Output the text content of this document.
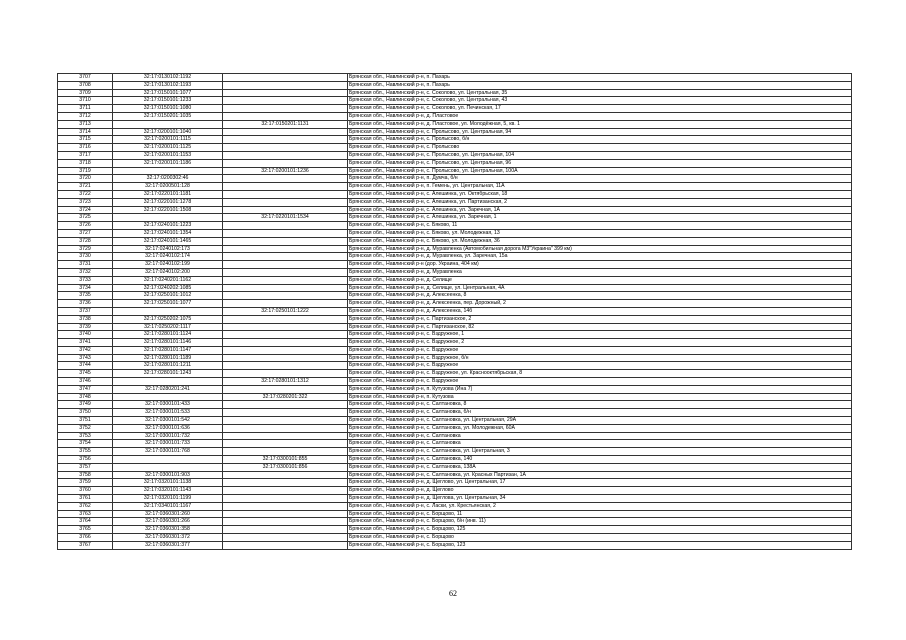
3707	32:17:0130102:1192		Брянская обл., Навлинский р-н, п. Пахарь
3708	32:17:0130102:1193		Брянская обл., Навлинский р-н, п. Пахарь
3709	32:17:0150101:1077		Брянская обл., Навлинский р-н, с. Соколово, ул. Центральная, 35
3710	32:17:0150101:1233		Брянская обл., Навлинский р-н, с. Соколово, ул. Центральная, 43
3711	32:17:0150101:1080		Брянская обл., Навлинский р-н, с. Соколово, ул. Печинская, 17
3712	32:17:0150201:1035		Брянская обл., Навлинский р-н, д. Пластовое
3713		32:17:0150201:1131	Брянская обл., Навлинский р-н, д. Пластовое, ул. Молодёжная, 5, кв. 1
3714	32:17:0200101:1040		Брянская обл., Навлинский р-н, с. Пролысово, ул. Центральная, 94
3715	32:17:0200101:1115		Брянская обл., Навлинский р-н, с. Пролысово, б/н
3716	32:17:0200101:1125		Брянская обл., Навлинский р-н, с. Пролысово
3717	32:17:0200101:1153		Брянская обл., Навлинский р-н, с. Пролысово, ул. Центральная, 104
3718	32:17:0200101:1186		Брянская обл., Навлинский р-н, с. Пролысово, ул. Центральная, 96
3719		32:17:0200101:1236	Брянская обл., Навлинский р-н, с. Пролысово, ул. Центральная, 100А
3720	32:17:0200302:46		Брянская обл., Навлинский р-н, п. Думча, б/н
3721	32:17:0200501:128		Брянская обл., Навлинский р-н, п. Гемень, ул. Центральная, 11А
3722	32:17:0220101:1181		Брянская обл., Навлинский р-н, с. Алешинка, ул. Октябрьская, 18
3723	32:17:0220101:1278		Брянская обл., Навлинский р-н, с. Алешинка, ул. Партизанская, 2
3724	32:17:0220101:1508		Брянская обл., Навлинский р-н, с. Алешинка, ул. Заречная, 1А
3725		32:17:0220101:1534	Брянская обл., Навлинский р-н, с. Алешинка, ул. Заречная, 1
3726	32:17:0240101:1223		Брянская обл., Навлинский р-н, с. Бяково, 11
3727	32:17:0240101:1354		Брянская обл., Навлинский р-н, с. Бяково, ул. Молодежная, 13
3728	32:17:0240101:1465		Брянская обл., Навлинский р-н, с. Бяково, ул. Молодежная, 36
3729	32:17:0240102:173		Брянская обл., Навлинский р-н, д. Муравленка (Автомобильная дорога М3"Украина" 399 км)
3730	32:17:0240102:174		Брянская обл., Навлинский р-н, д. Муравленка, ул. Заречная, 15а
3731	32:17:0240102:199		Брянская обл., Навлинский р-н (дор. Украина, 404 км)
3732	32:17:0240102:200		Брянская обл., Навлинский р-н, д. Муравленка
3733	32:17:0240201:1162		Брянская обл., Навлинский р-н, д. Селище
3734	32:17:0240202:1085		Брянская обл., Навлинский р-н, д. Селище, ул. Центральная, 4А
3735	32:17:0250101:1012		Брянская обл., Навлинский р-н, д. Алексеенка, 8
3736	32:17:0250101:1077		Брянская обл., Навлинский р-н, д. Алексеенка, пер. Дорожный, 2
3737		32:17:0250101:1222	Брянская обл., Навлинский р-н, д. Алексеенка, 14б
3738	32:17:0250202:1075		Брянская обл., Навлинский р-н, с. Партизанское, 2
3739	32:17:0250202:1117		Брянская обл., Навлинский р-н, с. Партизанское, 82
3740	32:17:0280101:1124		Брянская обл., Навлинский р-н, с. Вздружное, 1
3741	32:17:0280101:1146		Брянская обл., Навлинский р-н, с. Вздружное, 2
3742	32:17:0280101:1147		Брянская обл., Навлинский р-н, с. Вздружное
3743	32:17:0280101:1189		Брянская обл., Навлинский р-н, с. Вздружное, б/н
3744	32:17:0280101:1211		Брянская обл., Навлинский р-н, с. Вздружное
3745	32:17:0280101:1243		Брянская обл., Навлинский р-н, с. Вздружное, ул. Краснооктябрьская, 8
3746		32:17:0280101:1312	Брянская обл., Навлинский р-н, с. Вздружное
3747	32:17:0280201:241		Брянская обл., Навлинский р-н, п. Кутузова (Ина 7)
3748		32:17:0280201:322	Брянская обл., Навлинский р-н, п. Кутузова
3749	32:17:0300101:433		Брянская обл., Навлинский р-н, с. Салтановка, 8
3750	32:17:0300101:533		Брянская обл., Навлинский р-н, с. Салтановка, б/н
3751	32:17:0300101:542		Брянская обл., Навлинский р-н, с. Салтановка, ул. Центральная, 29А
3752	32:17:0300101:636		Брянская обл., Навлинский р-н, с. Салтановка, ул. Молодежная, 60А
3753	32:17:0300101:732		Брянская обл., Навлинский р-н, с. Салтановка
3754	32:17:0300101:733		Брянская обл., Навлинский р-н, с. Салтановка
3755	32:17:0300101:768		Брянская обл., Навлинский р-н, с. Салтановка, ул. Центральная, 3
3756		32:17:0300101:855	Брянская обл., Навлинский р-н, с. Салтановка, 140
3757		32:17:0300101:856	Брянская обл., Навлинский р-н, с. Салтановка, 138А
3758	32:17:0300101:903		Брянская обл., Навлинский р-н, с. Салтановка, ул. Красных Партизан, 1А
3759	32:17:0320101:1138		Брянская обл., Навлинский р-н, д. Щеглово, ул. Центральная, 17
3760	32:17:0320101:1143		Брянская обл., Навлинский р-н, д. Щеглово
3761	32:17:0320101:1199		Брянская обл., Навлинский р-н, д. Щеглова, ул. Центральная, 34
3762	32:17:0340101:1167		Брянская обл., Навлинский р-н, с. Ласки, ул. Крестьянская, 2
3763	32:17:0360301:260		Брянская обл., Навлинский р-н, с. Борщово, 11
3764	32:17:0360301:266		Брянская обл., Навлинский р-н, с. Борщово, б/н (инв. 11)
3765	32:17:0360301:358		Брянская обл., Навлинский р-н, с. Борщово, 125
3766	32:17:0360301:372		Брянская обл., Навлинский р-н, с. Борщово
3767	32:17:0360301:377		Брянская обл., Навлинский р-н, с. Борщово, 123
62
